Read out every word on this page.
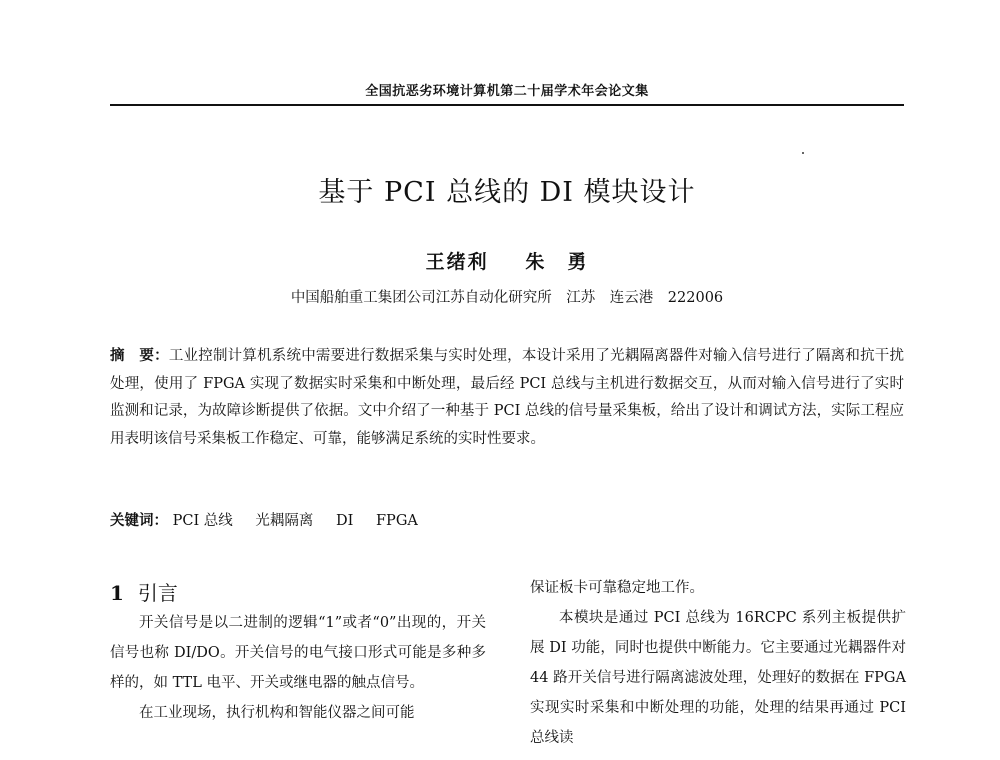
全国抗恶劣环境计算机第二十届学术年会论文集
基于 PCI 总线的 DI 模块设计
王绪利 朱　勇
中国船舶重工集团公司江苏自动化研究所　江苏　连云港　222006
摘　要：工业控制计算机系统中需要进行数据采集与实时处理，本设计采用了光耦隔离器件对输入信号进行了隔离和抗干扰处理，使用了 FPGA 实现了数据实时采集和中断处理，最后经 PCI 总线与主机进行数据交互，从而对输入信号进行了实时监测和记录，为故障诊断提供了依据。文中介绍了一种基于 PCI 总线的信号量采集板，给出了设计和调试方法，实际工程应用表明该信号采集板工作稳定、可靠，能够满足系统的实时性要求。
关键词： PCI 总线 光耦隔离 DI FPGA
1 引言

开关信号是以二进制的逻辑“1”或者“0”出现的，开关信号也称 DI/DO。开关信号的电气接口形式可能是多种多样的，如 TTL 电平、开关或继电器的触点信号。

在工业现场，执行机构和智能仪器之间可能

保证板卡可靠稳定地工作。

本模块是通过 PCI 总线为 16RCPC 系列主板提供扩展 DI 功能，同时也提供中断能力。它主要通过光耦器件对 44 路开关信号进行隔离滤波处理，处理好的数据在 FPGA 实现实时采集和中断处理的功能，处理的结果再通过 PCI 总线读
